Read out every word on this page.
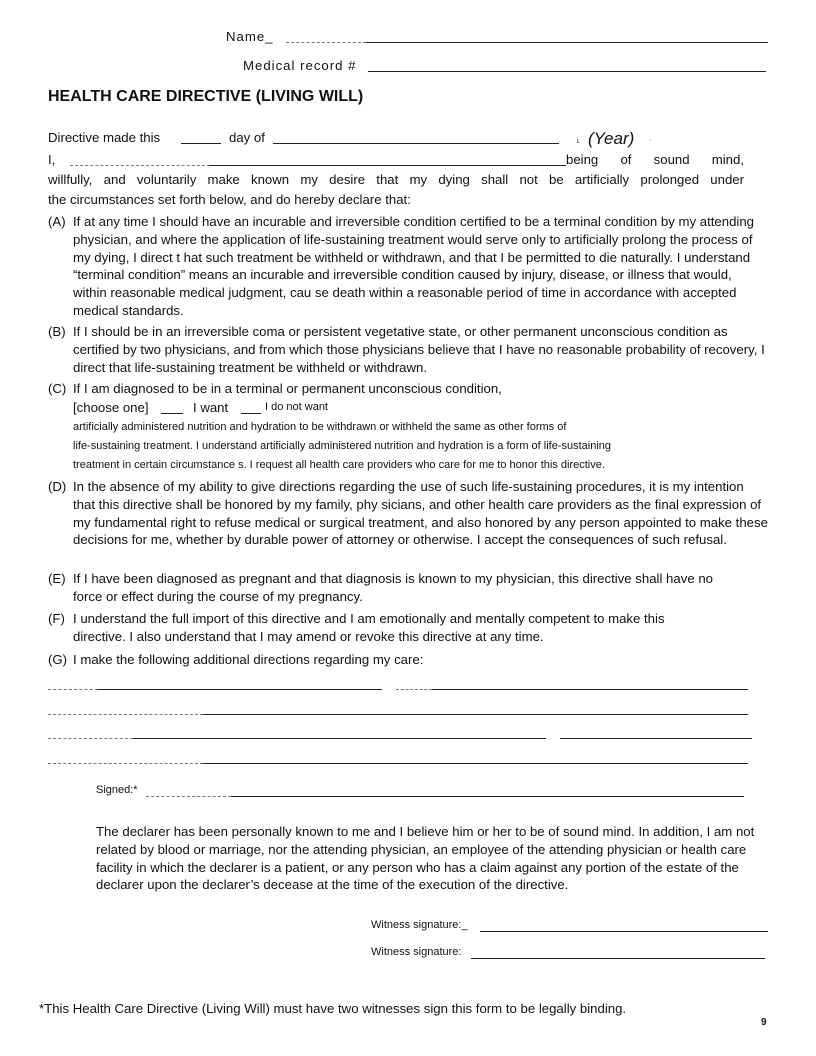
Name_
Medical record #
HEALTH CARE DIRECTIVE (LIVING WILL)
Directive made this	day of	ʟ (Year) ·
I,	being of sound mind,
willfully, and voluntarily make known my desire that my dying shall not be artificially prolonged under
the circumstances set forth below, and do hereby declare that:
(A) If at any time I should have an incurable and irreversible condition certified to be a terminal condition by my attending physician, and where the application of life-sustaining treatment would serve only to artificially prolong the process of my dying, I direct t hat such treatment be withheld or withdrawn, and that I be permitted to die naturally. I understand “terminal condition” means an incurable and irreversible condition caused by injury, disease, or illness that would, within reasonable medical judgment, cau se death within a reasonable period of time in accordance with accepted medical standards.
(B) If I should be in an irreversible coma or persistent vegetative state, or other permanent unconscious condition as certified by two physicians, and from which those physicians believe that I have no reasonable probability of recovery, I direct that life-sustaining treatment be withheld or withdrawn.
(C) If I am diagnosed to be in a terminal or permanent unconscious condition,
[choose one]	I want	I do not want
artificially administered nutrition and hydration to be withdrawn or withheld the same as other forms of
life-sustaining treatment. I understand artificially administered nutrition and hydration is a form of life-sustaining
treatment in certain circumstance s. I request all health care providers who care for me to honor this directive.
(D) In the absence of my ability to give directions regarding the use of such life-sustaining procedures, it is my intention that this directive shall be honored by my family, phy sicians, and other health care providers as the final expression of my fundamental right to refuse medical or surgical treatment, and also honored by any person appointed to make these decisions for me, whether by durable power of attorney or otherwise. I accept the consequences of such refusal.
(E) If I have been diagnosed as pregnant and that diagnosis is known to my physician, this directive shall have no force or effect during the course of my pregnancy.
(F) I understand the full import of this directive and I am emotionally and mentally competent to make this directive. I also understand that I may amend or revoke this directive at any time.
(G) I make the following additional directions regarding my care:
Signed:*
The declarer has been personally known to me and I believe him or her to be of sound mind. In addition, I am not related by blood or marriage, nor the attending physician, an employee of the attending physician or health care facility in which the declarer is a patient, or any person who has a claim against any portion of the estate of the declarer upon the declarer’s decease at the time of the execution of the directive.
Witness signature:_
Witness signature:
*This Health Care Directive (Living Will) must have two witnesses sign this form to be legally binding.
9
